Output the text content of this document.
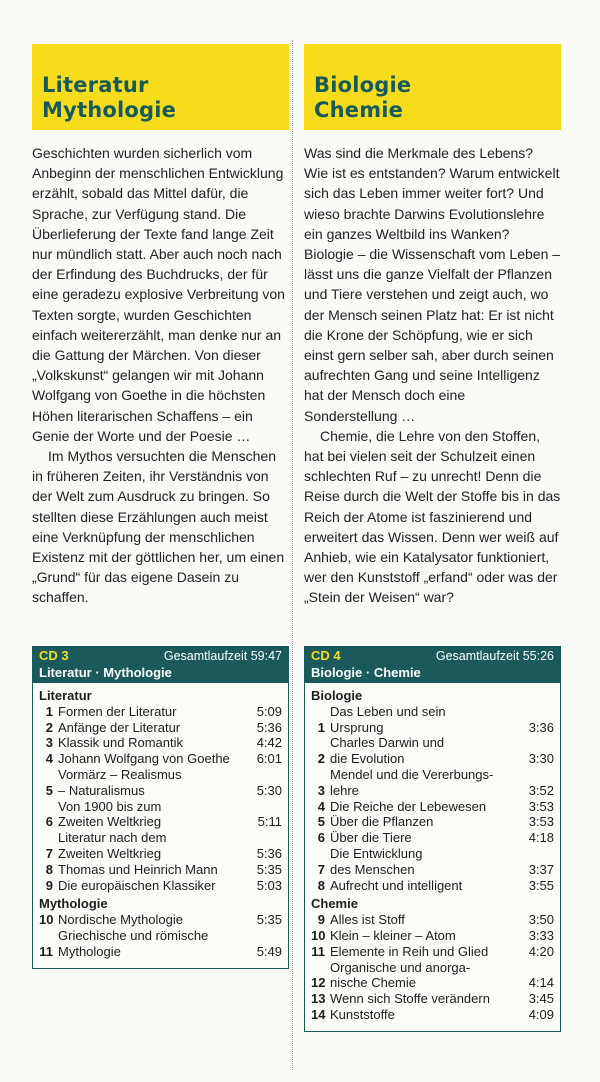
Literatur
Mythologie

Geschichten wurden sicherlich vom Anbeginn der menschlichen Entwicklung erzählt, sobald das Mittel dafür, die Sprache, zur Verfügung stand. Die Überlieferung der Texte fand lange Zeit nur mündlich statt. Aber auch noch nach der Erfindung des Buchdrucks, der für eine geradezu explosive Verbreitung von Texten sorgte, wurden Geschichten einfach weitererzählt, man denke nur an die Gattung der Märchen. Von dieser „Volkskunst“ gelangen wir mit Johann Wolfgang von Goethe in die höchsten Höhen literarischen Schaffens – ein Genie der Worte und der Poesie …

Im Mythos versuchten die Menschen in früheren Zeiten, ihr Verständnis von der Welt zum Ausdruck zu bringen. So stellten diese Erzählungen auch meist eine Verknüpfung der menschlichen Existenz mit der göttlichen her, um einen „Grund“ für das eigene Dasein zu schaffen.

Biologie
Chemie

Was sind die Merkmale des Lebens? Wie ist es entstanden? Warum entwickelt sich das Leben immer weiter fort? Und wieso brachte Darwins Evolutionslehre ein ganzes Weltbild ins Wanken? Biologie – die Wissenschaft vom Leben – lässt uns die ganze Vielfalt der Pflanzen und Tiere verstehen und zeigt auch, wo der Mensch seinen Platz hat: Er ist nicht die Krone der Schöpfung, wie er sich einst gern selber sah, aber durch seinen aufrechten Gang und seine Intelligenz hat der Mensch doch eine Sonderstellung …

Chemie, die Lehre von den Stoffen, hat bei vielen seit der Schulzeit einen schlechten Ruf – zu unrecht! Denn die Reise durch die Welt der Stoffe bis in das Reich der Atome ist faszinierend und erweitert das Wissen. Denn wer weiß auf Anhieb, wie ein Katalysator funktioniert, wer den Kunststoff „erfand“ oder was der „Stein der Weisen“ war?

CD 3	Gesamtlaufzeit 59:47
Literatur · Mythologie
Literatur
1 Formen der Literatur	5:09
2 Anfänge der Literatur	5:36
3 Klassik und Romantik	4:42
4 Johann Wolfgang von Goethe	6:01
5
Vormärz – Realismus
– Naturalismus	5:30
6
Von 1900 bis zum
Zweiten Weltkrieg	5:11
7
Literatur nach dem
Zweiten Weltkrieg	5:36
8 Thomas und Heinrich Mann	5:35
9 Die europäischen Klassiker	5:03
Mythologie
10 Nordische Mythologie	5:35
11
Griechische und römische
Mythologie	5:49
CD 4	Gesamtlaufzeit 55:26
Biologie · Chemie
Biologie
1
Das Leben und sein
Ursprung	3:36
2
Charles Darwin und
die Evolution	3:30
3
Mendel und die Vererbungs-
lehre	3:52
4 Die Reiche der Lebewesen	3:53
5 Über die Pflanzen	3:53
6 Über die Tiere	4:18
7
Die Entwicklung
des Menschen	3:37
8 Aufrecht und intelligent	3:55
Chemie
9 Alles ist Stoff	3:50
10 Klein – kleiner – Atom	3:33
11 Elemente in Reih und Glied	4:20
12
Organische und anorga-
nische Chemie	4:14
13 Wenn sich Stoffe verändern	3:45
14 Kunststoffe	4:09
